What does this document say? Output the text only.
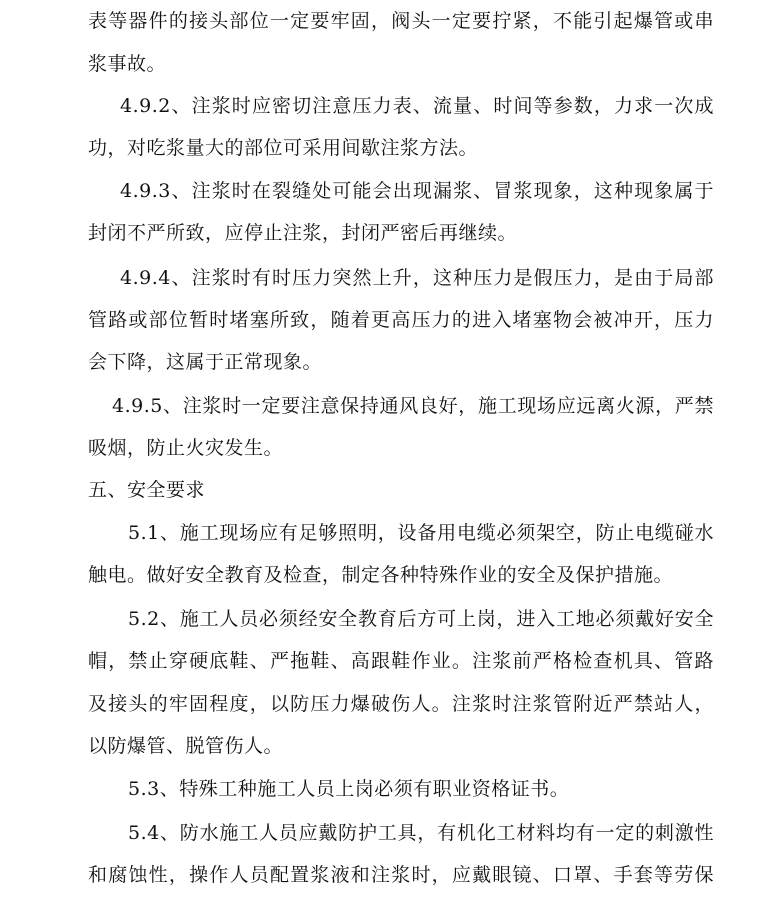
表等器件的接头部位一定要牢固，阀头一定要拧紧，不能引起爆管或串
浆事故。
4.9.2、注浆时应密切注意压力表、流量、时间等参数，力求一次成
功，对吃浆量大的部位可采用间歇注浆方法。
4.9.3、注浆时在裂缝处可能会出现漏浆、冒浆现象，这种现象属于
封闭不严所致，应停止注浆，封闭严密后再继续。
4.9.4、注浆时有时压力突然上升，这种压力是假压力，是由于局部
管路或部位暂时堵塞所致，随着更高压力的进入堵塞物会被冲开，压力
会下降，这属于正常现象。
4.9.5、注浆时一定要注意保持通风良好，施工现场应远离火源，严禁
吸烟，防止火灾发生。
五、安全要求
5.1、施工现场应有足够照明，设备用电缆必须架空，防止电缆碰水
触电。做好安全教育及检查，制定各种特殊作业的安全及保护措施。
5.2、施工人员必须经安全教育后方可上岗，进入工地必须戴好安全
帽，禁止穿硬底鞋、严拖鞋、高跟鞋作业。注浆前严格检查机具、管路
及接头的牢固程度，以防压力爆破伤人。注浆时注浆管附近严禁站人，
以防爆管、脱管伤人。
5.3、特殊工种施工人员上岗必须有职业资格证书。
5.4、防水施工人员应戴防护工具，有机化工材料均有一定的刺激性
和腐蚀性，操作人员配置浆液和注浆时，应戴眼镜、口罩、手套等劳保
